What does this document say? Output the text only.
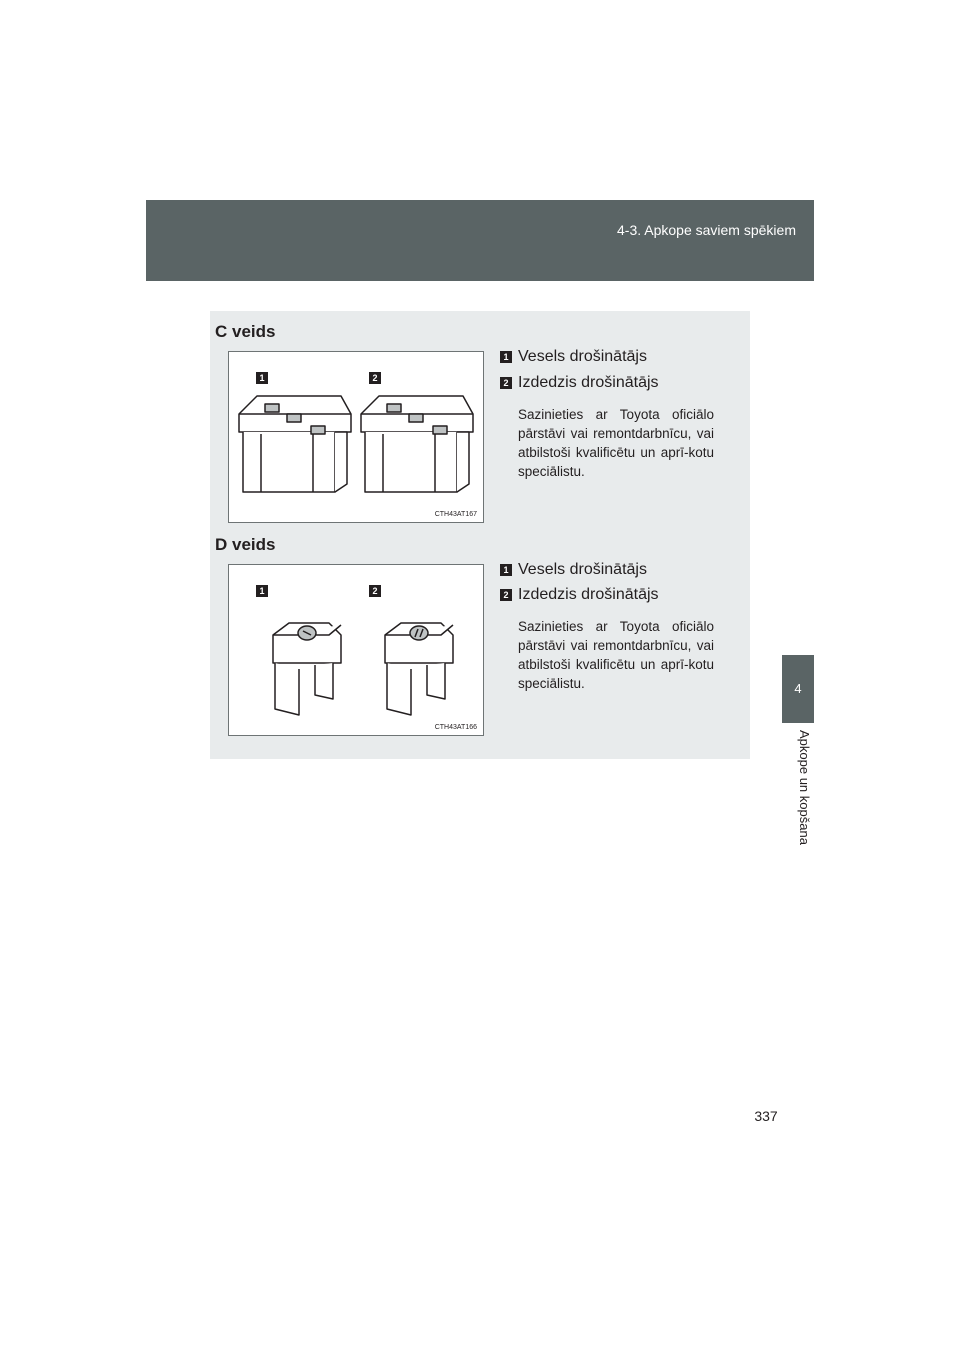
4-3. Apkope saviem spēkiem
4
Apkope un kopšana
337
C veids
1	2
CTH43AT167
1 Vesels drošinātājs
2 Izdedzis drošinātājs
Sazinieties ar Toyota oficiālo pārstāvi vai remontdarbnīcu, vai atbilstoši kvalificētu un aprī-kotu speciālistu.
D veids
1	2
CTH43AT166
1 Vesels drošinātājs
2 Izdedzis drošinātājs
Sazinieties ar Toyota oficiālo pārstāvi vai remontdarbnīcu, vai atbilstoši kvalificētu un aprī-kotu speciālistu.
